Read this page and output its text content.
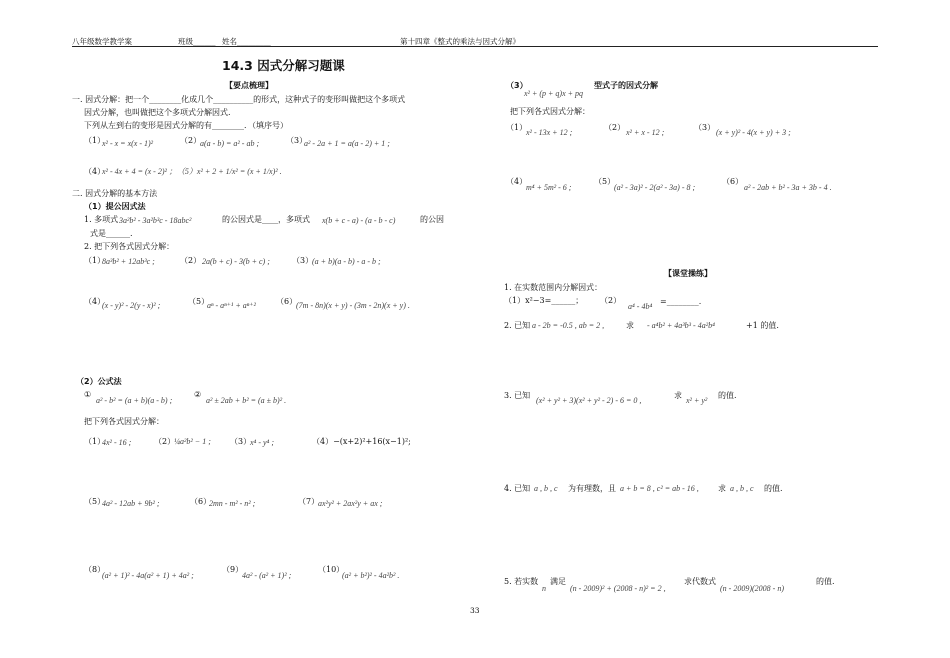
八年级数学教学案	班级______ 姓名_________	第十四章《整式的乘法与因式分解》
14.3 因式分解习题课
【要点梳理】
一. 因式分解：把一个________化成几个__________的形式，这种式子的变形叫做把这个多项式
因式分解，也叫做把这个多项式分解因式.
下列从左到右的变形是因式分解的有________．（填序号）
（1）
x² - x = x(x - 1)²	（2）
a(a - b) = a² - ab ;	（3）
a² - 2a + 1 = a(a - 2) + 1 ;
（4）
x² - 4x + 4 = (x - 2)² ；（5）x² + 2 + 1/x² = (x + 1/x)² .
二. 因式分解的基本方法
（1）提公因式法
1. 多项式 3a²b² - 3a²b³c - 18abc²	的公因式是____，多项式 x(b + c - a) - (a - b - c)	的公因
式是______.
2. 把下列各式因式分解：
（1）
8a³b² + 12ab³c ;	（2） 2a(b + c) - 3(b + c) ;	（3）
(a + b)(a - b) - a - b ;
（4）
(x - y)² - 2(y - x)² ;	（5）
aⁿ - aⁿ⁺¹ + aⁿ⁺²	（6）
(7m - 8n)(x + y) - (3m - 2n)(x + y) .
（2）公式法
①
a² - b² = (a + b)(a - b) ;
②
a² ± 2ab + b² = (a ± b)² .
把下列各式因式分解：
（1）
4x² - 16 ;	（2）
¼a²b² − 1 ; （3）
x⁴ - y⁴ ;	（4）−(x+2)²+16(x−1)²;
（5）
4a² - 12ab + 9b² ;	（6）
2mn - m² - n² ;	（7）
ax²y² + 2ax²y + ax ;
（8）
(a² + 1)² - 4a(a² + 1) + 4a² ;
（9）
4a² - (a² + 1)² ;
（10）
(a² + b²)² - 4a²b² .
（3）
x² + (p + q)x + pq
型式子的因式分解
把下列各式因式分解：
（1）
x² - 13x + 12 ;
（2）
x² + x - 12 ;
（3）
(x + y)² - 4(x + y) + 3 ;
（4）
m⁴ + 5m² - 6 ;
（5）
(a² - 3a)² - 2(a² - 3a) - 8 ;
（6）
a² - 2ab + b² - 3a + 3b - 4 .
【课堂操练】
1. 在实数范围内分解因式：
（1）x²−3=______； （2）
a⁴ - 4b⁴
=________.
2. 已知 a - 2b = -0.5 , ab = 2 ,	求 - a⁴b² + 4a³b³ - 4a²b⁴	+1 的值.
3. 已知
(x² + y² + 3)(x² + y² - 2) - 6 = 0 ,
求
x² + y²
的值.
4. 已知 a , b , c 为有理数，且 a + b = 8 , c² = ab - 16 , 求 a , b , c 的值.
5. 若实数
n
满足
(n - 2009)² + (2008 - n)² = 2 ,
求代数式
(n - 2009)(2008 - n)
的值.
33
